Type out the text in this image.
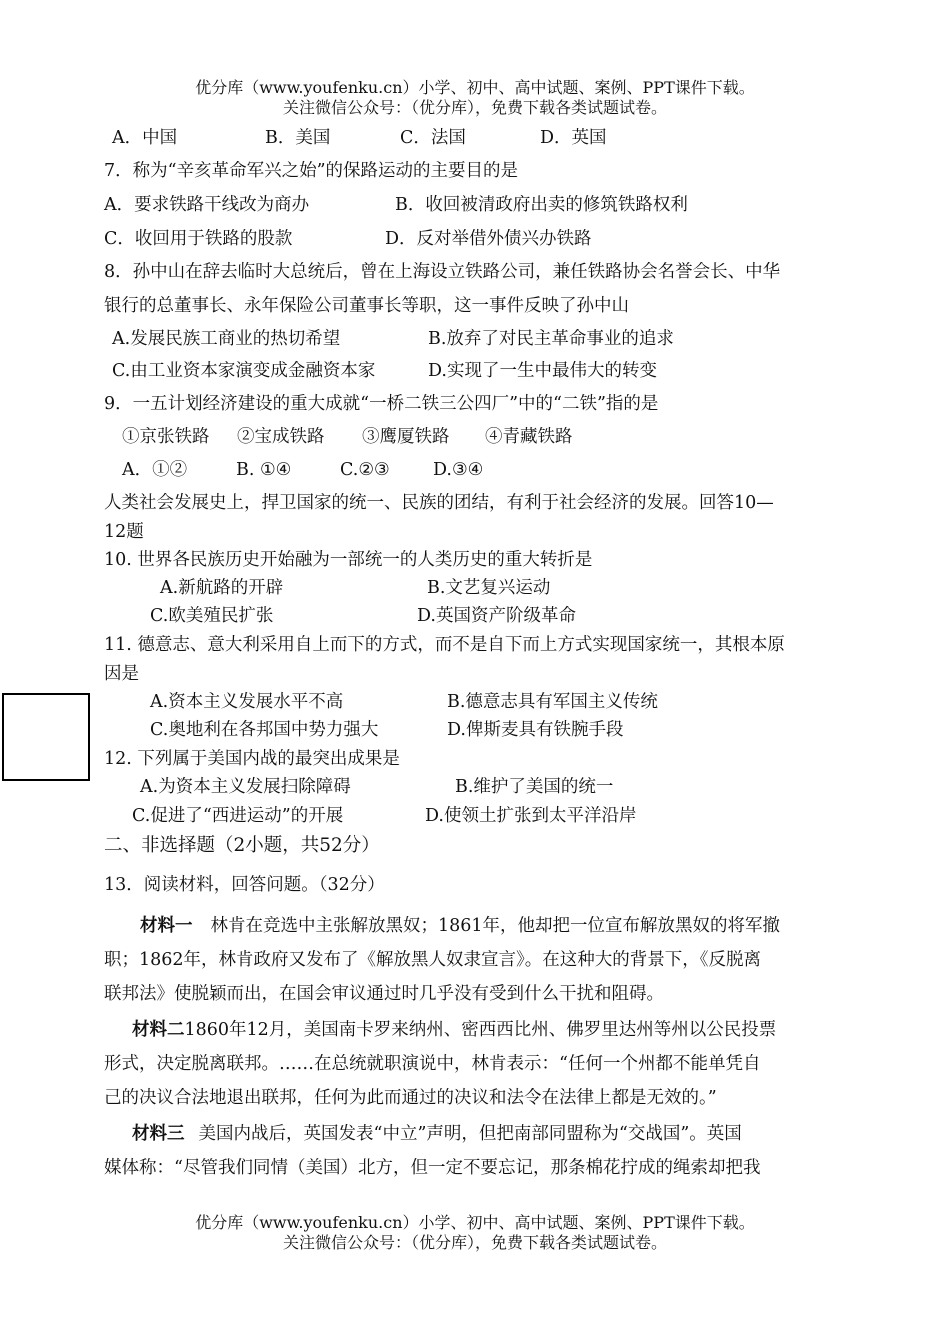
优分库（www.youfenku.cn）小学、初中、高中试题、案例、PPT课件下载。
关注微信公众号：（优分库），免费下载各类试题试卷。
A．中国	B．美国	C．法国	D．英国
7．称为“辛亥革命军兴之始”的保路运动的主要目的是
A．要求铁路干线改为商办	B．收回被清政府出卖的修筑铁路权利
C．收回用于铁路的股款	D．反对举借外债兴办铁路
8．孙中山在辞去临时大总统后，曾在上海设立铁路公司，兼任铁路协会名誉会长、中华
银行的总董事长、永年保险公司董事长等职，这一事件反映了孙中山
A.发展民族工商业的热切希望	B.放弃了对民主革命事业的追求
C.由工业资本家演变成金融资本家	D.实现了一生中最伟大的转变
9．一五计划经济建设的重大成就“一桥二铁三公四厂”中的“二铁”指的是
①京张铁路 ②宝成铁路 ③鹰厦铁路 ④青藏铁路
A．①②	B. ①④	C.②③ D.③④
人类社会发展史上，捍卫国家的统一、民族的团结，有利于社会经济的发展。回答10—
12题
10. 世界各民族历史开始融为一部统一的人类历史的重大转折是
A.新航路的开辟	B.文艺复兴运动
C.欧美殖民扩张	D.英国资产阶级革命
11. 德意志、意大利采用自上而下的方式，而不是自下而上方式实现国家统一，其根本原
因是
A.资本主义发展水平不高	B.德意志具有军国主义传统
C.奥地利在各邦国中势力强大	D.俾斯麦具有铁腕手段
12. 下列属于美国内战的最突出成果是
A.为资本主义发展扫除障碍	B.维护了美国的统一
C.促进了“西进运动”的开展	D.使领土扩张到太平洋沿岸
二、非选择题（2小题，共52分）
13．阅读材料，回答问题。（32分）
材料一 林肯在竞选中主张解放黑奴；1861年，他却把一位宣布解放黑奴的将军撤
职；1862年，林肯政府又发布了《解放黑人奴隶宣言》。在这种大的背景下，《反脱离
联邦法》使脱颖而出，在国会审议通过时几乎没有受到什么干扰和阻碍。
材料二1860年12月，美国南卡罗来纳州、密西西比州、佛罗里达州等州以公民投票
形式，决定脱离联邦。……在总统就职演说中，林肯表示：“任何一个州都不能单凭自
己的决议合法地退出联邦，任何为此而通过的决议和法令在法律上都是无效的。”
材料三 美国内战后，英国发表“中立”声明，但把南部同盟称为“交战国”。英国
媒体称：“尽管我们同情（美国）北方，但一定不要忘记，那条棉花拧成的绳索却把我
优分库（www.youfenku.cn）小学、初中、高中试题、案例、PPT课件下载。
关注微信公众号：（优分库），免费下载各类试题试卷。
